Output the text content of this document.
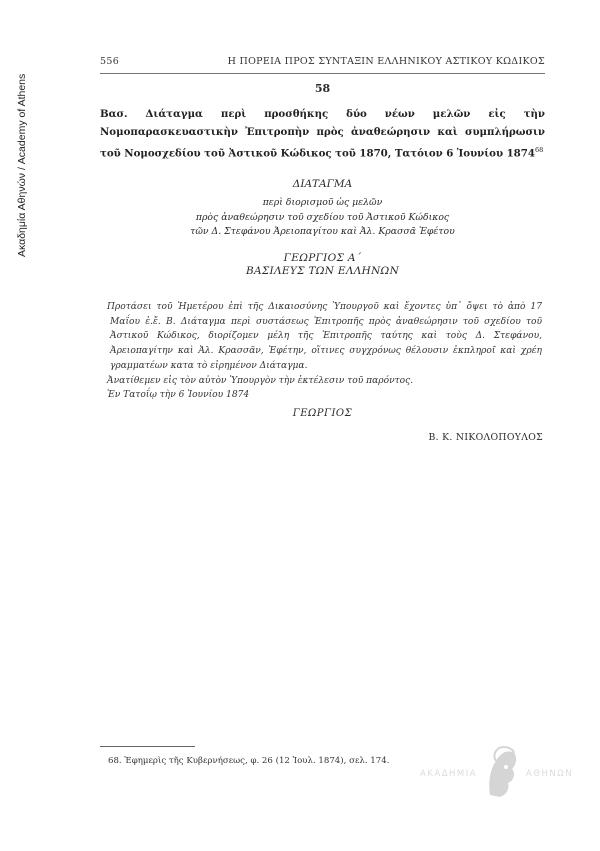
Ακαδημία Αθηνών / Academy of Athens
556	Η ΠΟΡΕΙΑ ΠΡΟΣ ΣΥΝΤΑΞΙΝ ΕΛΛΗΝΙΚΟΥ ΑΣΤΙΚΟΥ ΚΩΔΙΚΟΣ
58
Βασ. Διάταγμα περὶ προσθήκης δύο νέων μελῶν εἰς τὴν Νομοπαρασκευαστικὴν Ἐπιτροπὴν πρὸς ἀναθεώρησιν καὶ συμπλήρωσιν τοῦ Νομοσχεδίου τοῦ Ἀστικοῦ Κώδικος τοῦ 1870, Τατόιον 6 Ἰουνίου 1874$^{68}$
ΔΙΑΤΑΓΜΑ
περὶ διορισμοῦ ὡς μελῶν
πρὸς ἀναθεώρησιν τοῦ σχεδίου τοῦ Ἀστικοῦ Κώδικος
τῶν Δ. Στεφάνου Ἀρειοπαγίτου καὶ Ἀλ. Κρασσᾶ Ἐφέτου
ΓΕΩΡΓΙΟΣ Α΄
ΒΑΣΙΛΕΥΣ ΤΩΝ ΕΛΛΗΝΩΝ

Προτάσει τοῦ Ἡμετέρου ἐπὶ τῆς Δικαιοσύνης Ὑπουργοῦ καὶ ἔχοντες ὑπ᾽ ὄψει τὸ ἀπὸ 17 Μαΐου ἐ.ἔ. Β. Διάταγμα περὶ συστάσεως Ἐπιτροπῆς πρὸς ἀναθεώρησιν τοῦ σχεδίου τοῦ Ἀστικοῦ Κώδικος, διορίζομεν μέλη τῆς Ἐπιτροπῆς ταύτης καὶ τοὺς Δ. Στεφάνου, Ἀρειοπαγίτην καὶ Ἀλ. Κρασσᾶν, Ἐφέτην, οἵτινες συγχρόνως θέλουσιν ἐκπληροῖ καὶ χρέη γραμματέων κατα τὸ εἰρημένον Διάταγμα.

Ἀνατίθεμεν εἰς τὸν αὐτὸν Ὑπουργὸν τὴν ἐκτέλεσιν τοῦ παρόντος.

Ἐν Τατοΐῳ τὴν 6 Ἰουνίου 1874

ΓΕΩΡΓΙΟΣ
Β. Κ. ΝΙΚΟΛΟΠΟΥΛΟΣ
68. Ἐφημερὶς τῆς Κυβερνήσεως, φ. 26 (12 Ἰουλ. 1874), σελ. 174.
ΑΚΑΔΗΜΙΑ	ΑΘΗΝΩΝ
